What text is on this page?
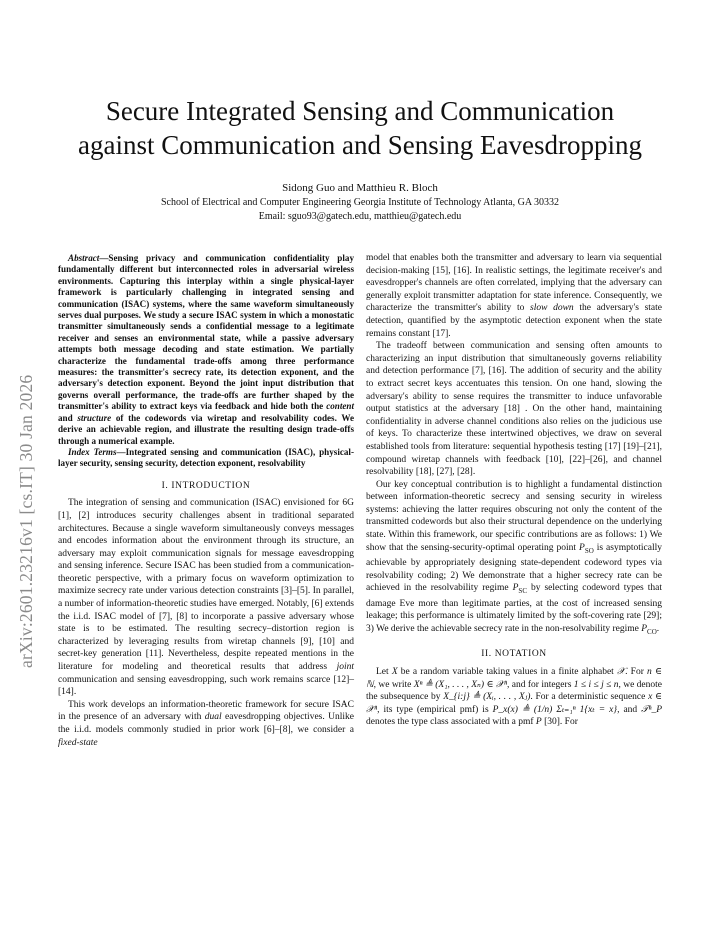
arXiv:2601.23216v1 [cs.IT] 30 Jan 2026
Secure Integrated Sensing and Communication
against Communication and Sensing Eavesdropping
Sidong Guo and Matthieu R. Bloch
School of Electrical and Computer Engineering Georgia Institute of Technology Atlanta, GA 30332
Email: sguo93@gatech.edu, matthieu@gatech.edu

Abstract—Sensing privacy and communication confidentiality play fundamentally different but interconnected roles in adversarial wireless environments. Capturing this interplay within a single physical-layer framework is particularly challenging in integrated sensing and communication (ISAC) systems, where the same waveform simultaneously serves dual purposes. We study a secure ISAC system in which a monostatic transmitter simultaneously sends a confidential message to a legitimate receiver and senses an environmental state, while a passive adversary attempts both message decoding and state estimation. We partially characterize the fundamental trade-offs among three performance measures: the transmitter's secrecy rate, its detection exponent, and the adversary's detection exponent. Beyond the joint input distribution that governs overall performance, the trade-offs are further shaped by the transmitter's ability to extract keys via feedback and hide both the content and structure of the codewords via wiretap and resolvability codes. We derive an achievable region, and illustrate the resulting design trade-offs through a numerical example.

Index Terms—Integrated sensing and communication (ISAC), physical-layer security, sensing security, detection exponent, resolvability

I. INTRODUCTION

The integration of sensing and communication (ISAC) envisioned for 6G [1], [2] introduces security challenges absent in traditional separated architectures. Because a single waveform simultaneously conveys messages and encodes information about the environment through its structure, an adversary may exploit communication signals for message eavesdropping and sensing inference. Secure ISAC has been studied from a communication-theoretic perspective, with a primary focus on waveform optimization to maximize secrecy rate under various detection constraints [3]–[5]. In parallel, a number of information-theoretic studies have emerged. Notably, [6] extends the i.i.d. ISAC model of [7], [8] to incorporate a passive adversary whose state is to be estimated. The resulting secrecy–distortion region is characterized by leveraging results from wiretap channels [9], [10] and secret-key generation [11]. Nevertheless, despite repeated mentions in the literature for modeling and theoretical results that address joint communication and sensing eavesdropping, such work remains scarce [12]–[14].

This work develops an information-theoretic framework for secure ISAC in the presence of an adversary with dual eavesdropping objectives. Unlike the i.i.d. models commonly studied in prior work [6]–[8], we consider a fixed-state

model that enables both the transmitter and adversary to learn via sequential decision-making [15], [16]. In realistic settings, the legitimate receiver's and eavesdropper's channels are often correlated, implying that the adversary can generally exploit transmitter adaptation for state inference. Consequently, we characterize the transmitter's ability to slow down the adversary's state detection, quantified by the asymptotic detection exponent when the state remains constant [17].

The tradeoff between communication and sensing often amounts to characterizing an input distribution that simultaneously governs reliability and detection performance [7], [16]. The addition of security and the ability to extract secret keys accentuates this tension. On one hand, slowing the adversary's ability to sense requires the transmitter to induce unfavorable output statistics at the adversary [18] . On the other hand, maintaining confidentiality in adverse channel conditions also relies on the judicious use of keys. To characterize these intertwined objectives, we draw on several established tools from literature: sequential hypothesis testing [17] [19]–[21], compound wiretap channels with feedback [10], [22]–[26], and channel resolvability [18], [27], [28].

Our key conceptual contribution is to highlight a fundamental distinction between information-theoretic secrecy and sensing security in wireless systems: achieving the latter requires obscuring not only the content of the transmitted codewords but also their structural dependence on the underlying state. Within this framework, our specific contributions are as follows: 1) We show that the sensing-security-optimal operating point $P_{SO}$ is asymptotically achievable by appropriately designing state-dependent codeword types via resolvability coding; 2) We demonstrate that a higher secrecy rate can be achieved in the resolvability regime $P_{SC}$ by selecting codeword types that damage Eve more than legitimate parties, at the cost of increased sensing leakage; this performance is ultimately limited by the soft-covering rate [29]; 3) We derive the achievable secrecy rate in the non-resolvability regime $P_{CO}$.

II. NOTATION

Let X be a random variable taking values in a finite alphabet 𝒳. For n ∈ ℕ, we write Xⁿ ≜ (X₁, . . . , Xₙ) ∈ 𝒳ⁿ, and for integers 1 ≤ i ≤ j ≤ n, we denote the subsequence by X_{i:j} ≜ (Xᵢ, . . . , Xⱼ). For a deterministic sequence x ∈ 𝒳ⁿ, its type (empirical pmf) is P_x(x) ≜ (1/n) Σₜ₌₁ⁿ 1{xₜ = x}, and 𝒯ⁿ_P denotes the type class associated with a pmf P [30]. For
